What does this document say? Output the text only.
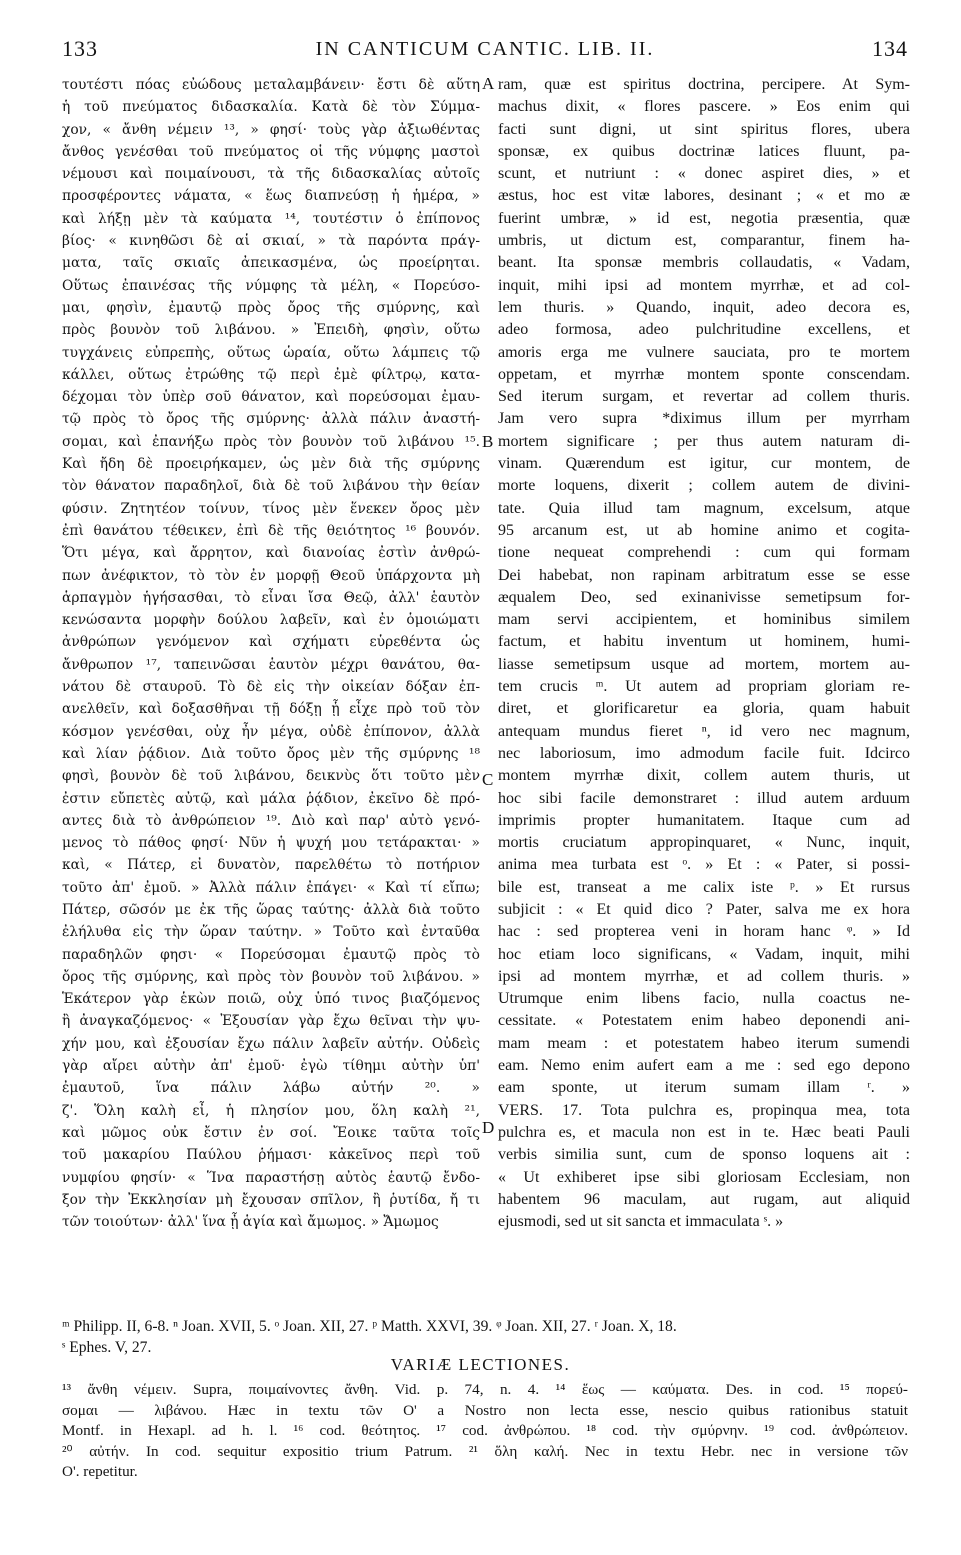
133	IN CANTICUM CANTIC. LIB. II.	134
τουτέστι πόας εὐώδους μεταλαμβάνειν· ἔστι δὲ αὕτη
ἡ τοῦ πνεύματος διδασκαλία. Κατὰ δὲ τὸν Σύμμα-
χον, « ἄνθη νέμειν ¹³, » φησί· τοὺς γὰρ ἀξιωθέντας
ἄνθος γενέσθαι τοῦ πνεύματος οἱ τῆς νύμφης μαστοὶ
νέμουσι καὶ ποιμαίνουσι, τὰ τῆς διδασκαλίας αὐτοῖς
προσφέροντες νάματα, « ἕως διαπνεύσῃ ἡ ἡμέρα, »
καὶ λήξῃ μὲν τὰ καύματα ¹⁴, τουτέστιν ὁ ἐπίπονος
βίος· « κινηθῶσι δὲ αἱ σκιαί, » τὰ παρόντα πράγ-
ματα, ταῖς σκιαῖς ἀπεικασμένα, ὡς προείρηται.
Οὕτως ἐπαινέσας τῆς νύμφης τὰ μέλη, « Πορεύσο-
μαι, φησὶν, ἐμαυτῷ πρὸς ὄρος τῆς σμύρνης, καὶ
πρὸς βουνὸν τοῦ λιβάνου. » Ἐπειδὴ, φησὶν, οὕτω
τυγχάνεις εὐπρεπὴς, οὕτως ὡραία, οὕτω λάμπεις τῷ
κάλλει, οὕτως ἐτρώθης τῷ περὶ ἐμὲ φίλτρῳ, κατα-
δέχομαι τὸν ὑπὲρ σοῦ θάνατον, καὶ πορεύσομαι ἐμαυ-
τῷ πρὸς τὸ ὄρος τῆς σμύρνης· ἀλλὰ πάλιν ἀναστή-
σομαι, καὶ ἐπανήξω πρὸς τὸν βουνὸν τοῦ λιβάνου ¹⁵.
Καὶ ἤδη δὲ προειρήκαμεν, ὡς μὲν διὰ τῆς σμύρνης
τὸν θάνατον παραδηλοῖ, διὰ δὲ τοῦ λιβάνου τὴν θείαν
φύσιν. Ζητητέον τοίνυν, τίνος μὲν ἕνεκεν ὄρος μὲν
ἐπὶ θανάτου τέθεικεν, ἐπὶ δὲ τῆς θειότητος ¹⁶ βουνόν.
Ὅτι μέγα, καὶ ἄρρητον, καὶ διανοίας ἐστὶν ἀνθρώ-
πων ἀνέφικτον, τὸ τὸν ἐν μορφῇ Θεοῦ ὑπάρχοντα μὴ
ἁρπαγμὸν ἡγήσασθαι, τὸ εἶναι ἴσα Θεῷ, ἀλλ' ἑαυτὸν
κενώσαντα μορφὴν δούλου λαβεῖν, καὶ ἐν ὁμοιώματι
ἀνθρώπων γενόμενον καὶ σχήματι εὑρεθέντα ὡς
ἄνθρωπον ¹⁷, ταπεινῶσαι ἑαυτὸν μέχρι θανάτου, θα-
νάτου δὲ σταυροῦ. Τὸ δὲ εἰς τὴν οἰκείαν δόξαν ἐπ-
ανελθεῖν, καὶ δοξασθῆναι τῇ δόξῃ ᾗ εἶχε πρὸ τοῦ τὸν
κόσμον γενέσθαι, οὐχ ἦν μέγα, οὐδὲ ἐπίπονον, ἀλλὰ
καὶ λίαν ῥᾴδιον. Διὰ τοῦτο ὄρος μὲν τῆς σμύρνης ¹⁸
φησὶ, βουνὸν δὲ τοῦ λιβάνου, δεικνὺς ὅτι τοῦτο μὲν
ἐστιν εὔπετὲς αὐτῷ, καὶ μάλα ῥᾴδιον, ἐκεῖνο δὲ πρό-
αντες διὰ τὸ ἀνθρώπειον ¹⁹. Διὸ καὶ παρ' αὐτὸ γενό-
μενος τὸ πάθος φησί· Νῦν ἡ ψυχή μου τετάρακται· »
καὶ, « Πάτερ, εἰ δυνατὸν, παρελθέτω τὸ ποτήριον
τοῦτο ἀπ' ἐμοῦ. » Ἀλλὰ πάλιν ἐπάγει· « Καὶ τί εἴπω;
Πάτερ, σῶσόν με ἐκ τῆς ὥρας ταύτης· ἀλλὰ διὰ τοῦτο
ἐλήλυθα εἰς τὴν ὥραν ταύτην. » Τοῦτο καὶ ἐνταῦθα
παραδηλῶν φησι· « Πορεύσομαι ἐμαυτῷ πρὸς τὸ
ὄρος τῆς σμύρνης, καὶ πρὸς τὸν βουνὸν τοῦ λιβάνου. »
Ἑκάτερον γὰρ ἑκὼν ποιῶ, οὐχ ὑπό τινος βιαζόμενος
ἢ ἀναγκαζόμενος· « Ἐξουσίαν γὰρ ἔχω θεῖναι τὴν ψυ-
χήν μου, καὶ ἐξουσίαν ἔχω πάλιν λαβεῖν αὐτήν. Οὐδεὶς
γὰρ αἴρει αὐτὴν ἀπ' ἐμοῦ· ἐγὼ τίθημι αὐτὴν ὑπ'
ἐμαυτοῦ, ἵνα πάλιν λάβω αὐτήν ²⁰. »
ζ'. Ὅλη καλὴ εἶ, ἡ πλησίον μου, ὅλη καλὴ ²¹,
καὶ μῶμος οὐκ ἔστιν ἐν σοί. Ἔοικε ταῦτα τοῖς
τοῦ μακαρίου Παύλου ῥήμασι· κἀκεῖνος περὶ τοῦ
νυμφίου φησίν· « Ἵνα παραστήσῃ αὐτὸς ἑαυτῷ ἔνδο-
ξον τὴν Ἐκκλησίαν μὴ ἔχουσαν σπῖλον, ἢ ῥυτίδα, ἤ τι
τῶν τοιούτων· ἀλλ' ἵνα ᾖ ἁγία καὶ ἄμωμος. » Ἄμωμος
ram, quæ est spiritus doctrina, percipere. At Sym-
machus dixit, « flores pascere. » Eos enim qui
facti sunt digni, ut sint spiritus flores, ubera
sponsæ, ex quibus doctrinæ latices fluunt, pa-
scunt, et nutriunt : « donec aspiret dies, » et
æstus, hoc est vitæ labores, desinant ; « et mo æ
fuerint umbræ, » id est, negotia præsentia, quæ
umbris, ut dictum est, comparantur, finem ha-
beant. Ita sponsæ membris collaudatis, « Vadam,
inquit, mihi ipsi ad montem myrrhæ, et ad col-
lem thuris. » Quando, inquit, adeo decora es,
adeo formosa, adeo pulchritudine excellens, et
amoris erga me vulnere sauciata, pro te mortem
oppetam, et myrrhæ montem sponte conscendam.
Sed iterum surgam, et revertar ad collem thuris.
Jam vero supra *diximus illum per myrrham
mortem significare ; per thus autem naturam di-
vinam. Quærendum est igitur, cur montem, de
morte loquens, dixerit ; collem autem de divini-
tate. Quia illud tam magnum, excelsum, atque
95 arcanum est, ut ab homine animo et cogita-
tione nequeat comprehendi : cum qui formam
Dei habebat, non rapinam arbitratum esse se esse
æqualem Deo, sed exinanivisse semetipsum for-
mam servi accipientem, et hominibus similem
factum, et habitu inventum ut hominem, humi-
liasse semetipsum usque ad mortem, mortem au-
tem crucis ᵐ. Ut autem ad propriam gloriam re-
diret, et glorificaretur ea gloria, quam habuit
antequam mundus fieret ⁿ, id vero nec magnum,
nec laboriosum, imo admodum facile fuit. Idcirco
montem myrrhæ dixit, collem autem thuris, ut
hoc sibi facile demonstraret : illud autem arduum
imprimis propter humanitatem. Itaque cum ad
mortis cruciatum appropinquaret, « Nunc, inquit,
anima mea turbata est ᵒ. » Et : « Pater, si possi-
bile est, transeat a me calix iste ᵖ. » Et rursus
subjicit : « Et quid dico ? Pater, salva me ex hora
hac : sed propterea veni in horam hanc ᵠ. » Id
hoc etiam loco significans, « Vadam, inquit, mihi
ipsi ad montem myrrhæ, et ad collem thuris. »
Utrumque enim libens facio, nulla coactus ne-
cessitate. « Potestatem enim habeo deponendi ani-
mam meam : et potestatem habeo iterum sumendi
eam. Nemo enim aufert eam a me : sed ego depono
eam sponte, ut iterum sumam illam ʳ. »
VERS. 17. Tota pulchra es, propinqua mea, tota
pulchra es, et macula non est in te. Hæc beati Pauli
verbis similia sunt, cum de sponso loquens ait :
« Ut exhiberet ipse sibi gloriosam Ecclesiam, non
habentem 96 maculam, aut rugam, aut aliquid
ejusmodi, sed ut sit sancta et immaculata ˢ. »
A
B
C
D
ᵐ Philipp. II, 6-8. ⁿ Joan. XVII, 5. ᵒ Joan. XII, 27. ᵖ Matth. XXVI, 39. ᵠ Joan. XII, 27. ʳ Joan. X, 18.
ˢ Ephes. V, 27.
VARIÆ LECTIONES.
¹³ ἄνθη νέμειν. Supra, ποιμαίνοντες ἄνθη. Vid. p. 74, n. 4. ¹⁴ ἕως — καύματα. Des. in cod. ¹⁵ πορεύ-
σομαι — λιβάνου. Hæc in textu τῶν O' a Nostro non lecta esse, nescio quibus rationibus statuit
Montf. in Hexapl. ad h. l. ¹⁶ cod. θεότητος. ¹⁷ cod. ἀνθρώπου. ¹⁸ cod. τὴν σμύρνην. ¹⁹ cod. ἀνθρώπειον.
²⁰ αὐτήν. In cod. sequitur expositio trium Patrum. ²¹ ὅλη καλή. Nec in textu Hebr. nec in versione τῶν
O'. repetitur.
